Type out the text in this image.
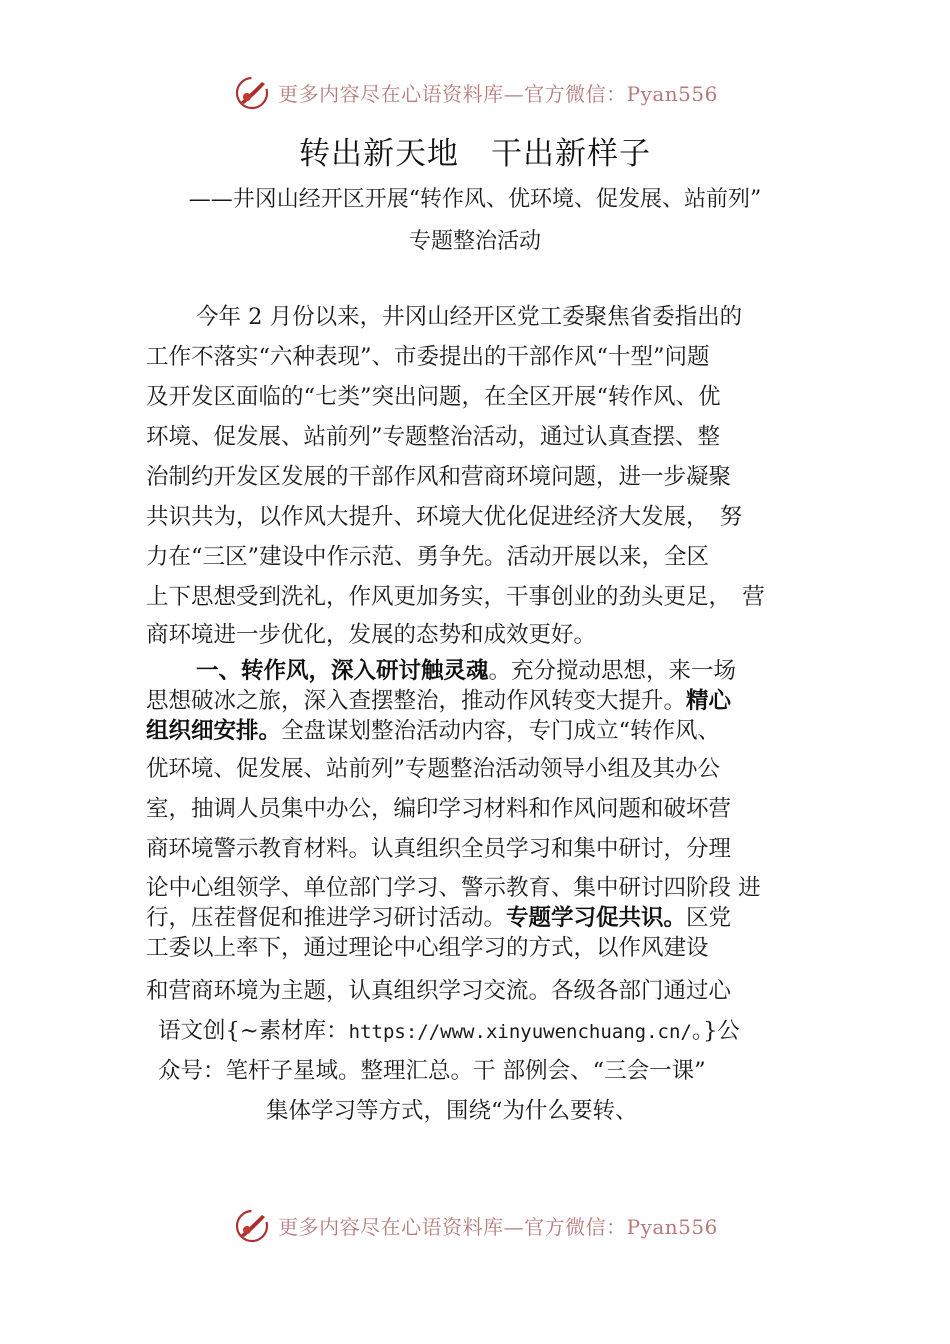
更多内容尽在心语资料库—官方微信：Pyan556
转出新天地　干出新样子
——井冈山经开区开展“转作风、优环境、促发展、站前列”
专题整治活动
今年 2 月份以来，井冈山经开区党工委聚焦省委指出的
工作不落实“六种表现”、市委提出的干部作风“十型”问题
及开发区面临的“七类”突出问题，在全区开展“转作风、优
环境、促发展、站前列”专题整治活动，通过认真查摆、整
治制约开发区发展的干部作风和营商环境问题，进一步凝聚
共识共为，以作风大提升、环境大优化促进经济大发展，　努
力在“三区”建设中作示范、勇争先。活动开展以来，全区
上下思想受到洗礼，作风更加务实，干事创业的劲头更足，　营
商环境进一步优化，发展的态势和成效更好。
一、转作风，深入研讨触灵魂。充分搅动思想，来一场
思想破冰之旅，深入查摆整治，推动作风转变大提升。精心
组织细安排。全盘谋划整治活动内容，专门成立“转作风、
优环境、促发展、站前列”专题整治活动领导小组及其办公
室，抽调人员集中办公，编印学习材料和作风问题和破坏营
商环境警示教育材料。认真组织全员学习和集中研讨，分理
论中心组领学、单位部门学习、警示教育、集中研讨四阶段 进
行，压茬督促和推进学习研讨活动。专题学习促共识。区党
工委以上率下，通过理论中心组学习的方式，以作风建设
和营商环境为主题，认真组织学习交流。各级各部门通过心
语文创{~素材库：https://www.xinyuwenchuang.cn/。}公
众号：笔杆子星域。整理汇总。干 部例会、“三会一课”
集体学习等方式，围绕“为什么要转、
更多内容尽在心语资料库—官方微信：Pyan556
